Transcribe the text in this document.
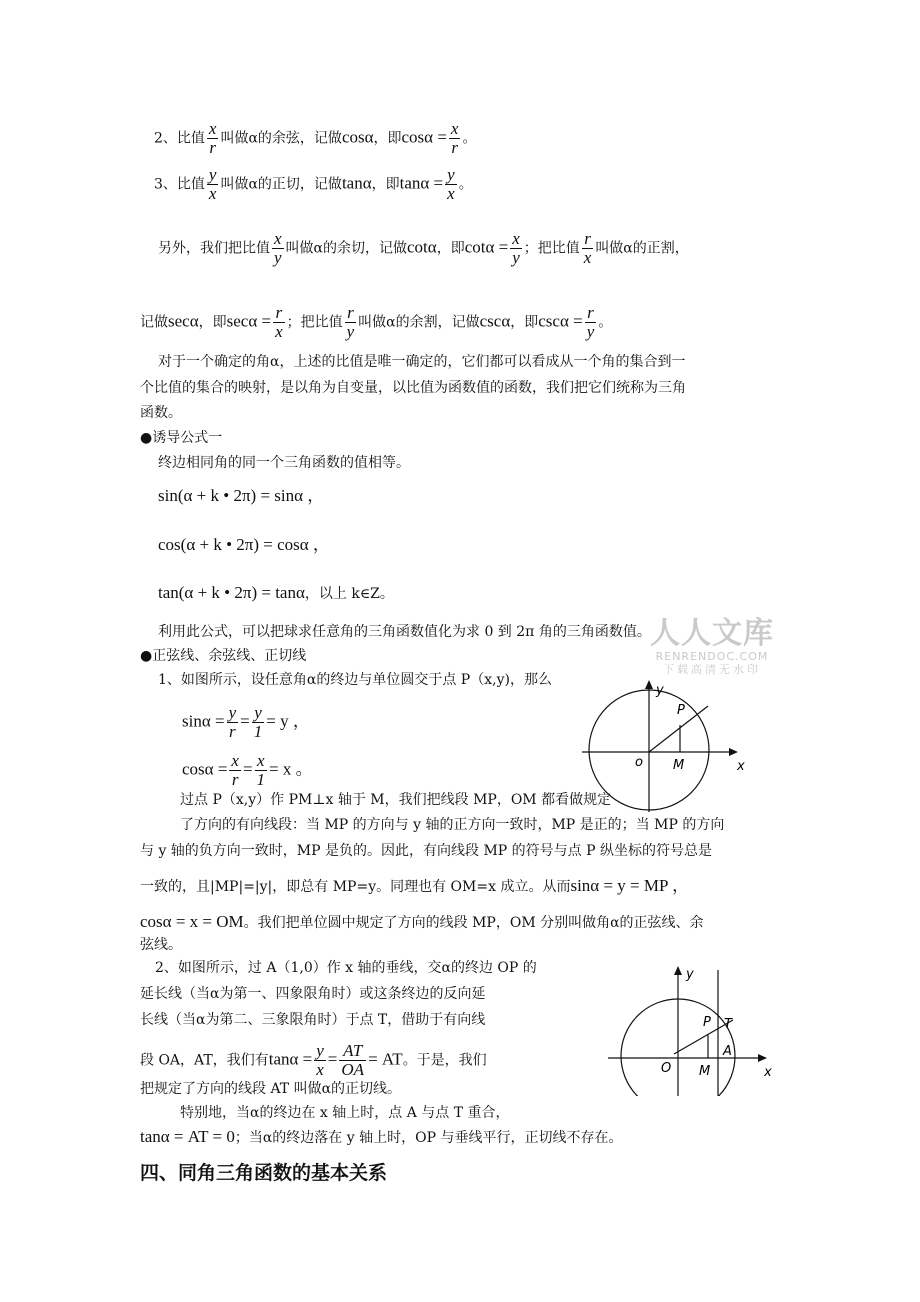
2、比值 $\frac{x}{r}$ 叫做α的余弦，记做cosα，即$\cos\alpha = \frac{x}{r}$ 。
3、比值 $\frac{y}{x}$ 叫做α的正切，记做tanα，即$\tan\alpha = \frac{y}{x}$ 。
另外，我们把比值 $\frac{x}{y}$ 叫做α的余切，记做cotα，即$\cot\alpha = \frac{x}{y}$ ；把比值 $\frac{r}{x}$ 叫做α的正割，
记做secα，即$\sec\alpha = \frac{r}{x}$ ；把比值 $\frac{r}{y}$ 叫做α的余割，记做cscα，即$\csc\alpha = \frac{r}{y}$ 。
对于一个确定的角α，上述的比值是唯一确定的，它们都可以看成从一个角的集合到一
个比值的集合的映射，是以角为自变量，以比值为函数值的函数，我们把它们统称为三角
函数。
●诱导公式一
终边相同角的同一个三角函数的值相等。
sin(α + k • 2π) = sinα ，
cos(α + k • 2π) = cosα ，
tan(α + k • 2π) = tanα，以上 k∈Z。
利用此公式，可以把球求任意角的三角函数值化为求 0 到 2π 角的三角函数值。 人人文库
RENRENDOC.COM
下载高清无水印
●正弦线、余弦线、正切线
1、如图所示，设任意角α的终边与单位圆交于点 P（x,y)，那么
$\sin\alpha = \frac{y}{r} = \frac{y}{1} = y$ ，
$\cos\alpha = \frac{x}{r} = \frac{x}{1} = x$ 。
过点 P（x,y）作 PM⊥x 轴于 M，我们把线段 MP，OM 都看做规定
了方向的有向线段：当 MP 的方向与 y 轴的正方向一致时，MP 是正的；当 MP 的方向
与 y 轴的负方向一致时，MP 是负的。因此，有向线段 MP 的符号与点 P 纵坐标的符号总是
一致的，且|MP|=|y|，即总有 MP=y。同理也有 OM=x 成立。从而sinα = y = MP ，
cosα = x = OM。我们把单位圆中规定了方向的线段 MP，OM 分别叫做角α的正弦线、余
弦线。
P
o M	x
y
2、如图所示，过 A（1,0）作 x 轴的垂线，交α的终边 OP 的
延长线（当α为第一、四象限角时）或这条终边的反向延
长线（当α为第二、三象限角时）于点 T，借助于有向线
段 OA，AT，我们有$\tan\alpha = \frac{y}{x} = \frac{AT}{OA}$ = AT。于是，我们
把规定了方向的线段 AT 叫做α的正切线。
特别地，当α的终边在 x 轴上时，点 A 与点 T 重合，
tanα = AT = 0；当α的终边落在 y 轴上时，OP 与垂线平行，正切线不存在。
P T
A
O M	x
y
四、同角三角函数的基本关系
